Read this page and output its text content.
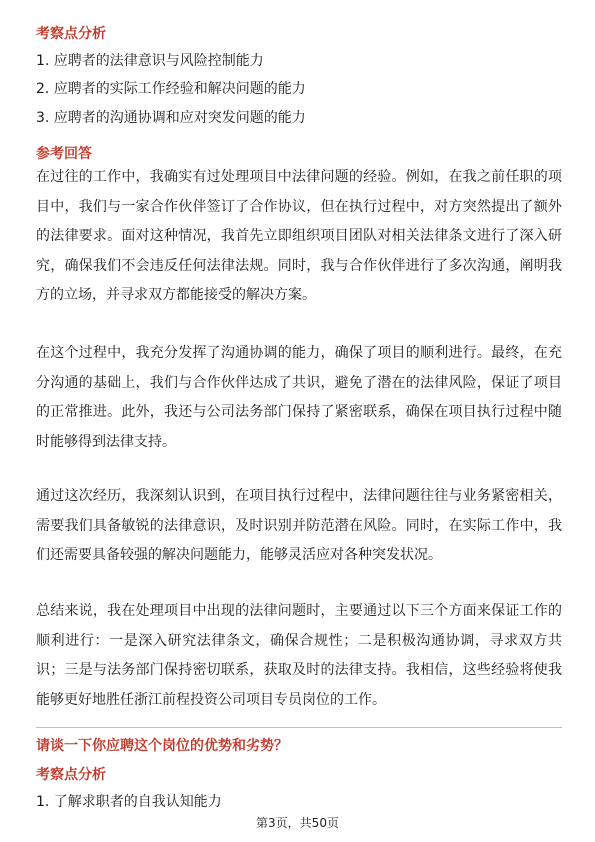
考察点分析
1. 应聘者的法律意识与风险控制能力
2. 应聘者的实际工作经验和解决问题的能力
3. 应聘者的沟通协调和应对突发问题的能力
参考回答
在过往的工作中，我确实有过处理项目中法律问题的经验。例如，在我之前任职的项目中，我们与一家合作伙伴签订了合作协议，但在执行过程中，对方突然提出了额外的法律要求。面对这种情况，我首先立即组织项目团队对相关法律条文进行了深入研究，确保我们不会违反任何法律法规。同时，我与合作伙伴进行了多次沟通，阐明我方的立场，并寻求双方都能接受的解决方案。
在这个过程中，我充分发挥了沟通协调的能力，确保了项目的顺利进行。最终，在充分沟通的基础上，我们与合作伙伴达成了共识，避免了潜在的法律风险，保证了项目的正常推进。此外，我还与公司法务部门保持了紧密联系，确保在项目执行过程中随时能够得到法律支持。
通过这次经历，我深刻认识到，在项目执行过程中，法律问题往往与业务紧密相关，需要我们具备敏锐的法律意识，及时识别并防范潜在风险。同时，在实际工作中，我们还需要具备较强的解决问题能力，能够灵活应对各种突发状况。
总结来说，我在处理项目中出现的法律问题时，主要通过以下三个方面来保证工作的顺利进行：一是深入研究法律条文，确保合规性；二是积极沟通协调，寻求双方共识；三是与法务部门保持密切联系，获取及时的法律支持。我相信，这些经验将使我能够更好地胜任浙江前程投资公司项目专员岗位的工作。
请谈一下你应聘这个岗位的优势和劣势？
考察点分析
1. 了解求职者的自我认知能力
第3页，共50页
